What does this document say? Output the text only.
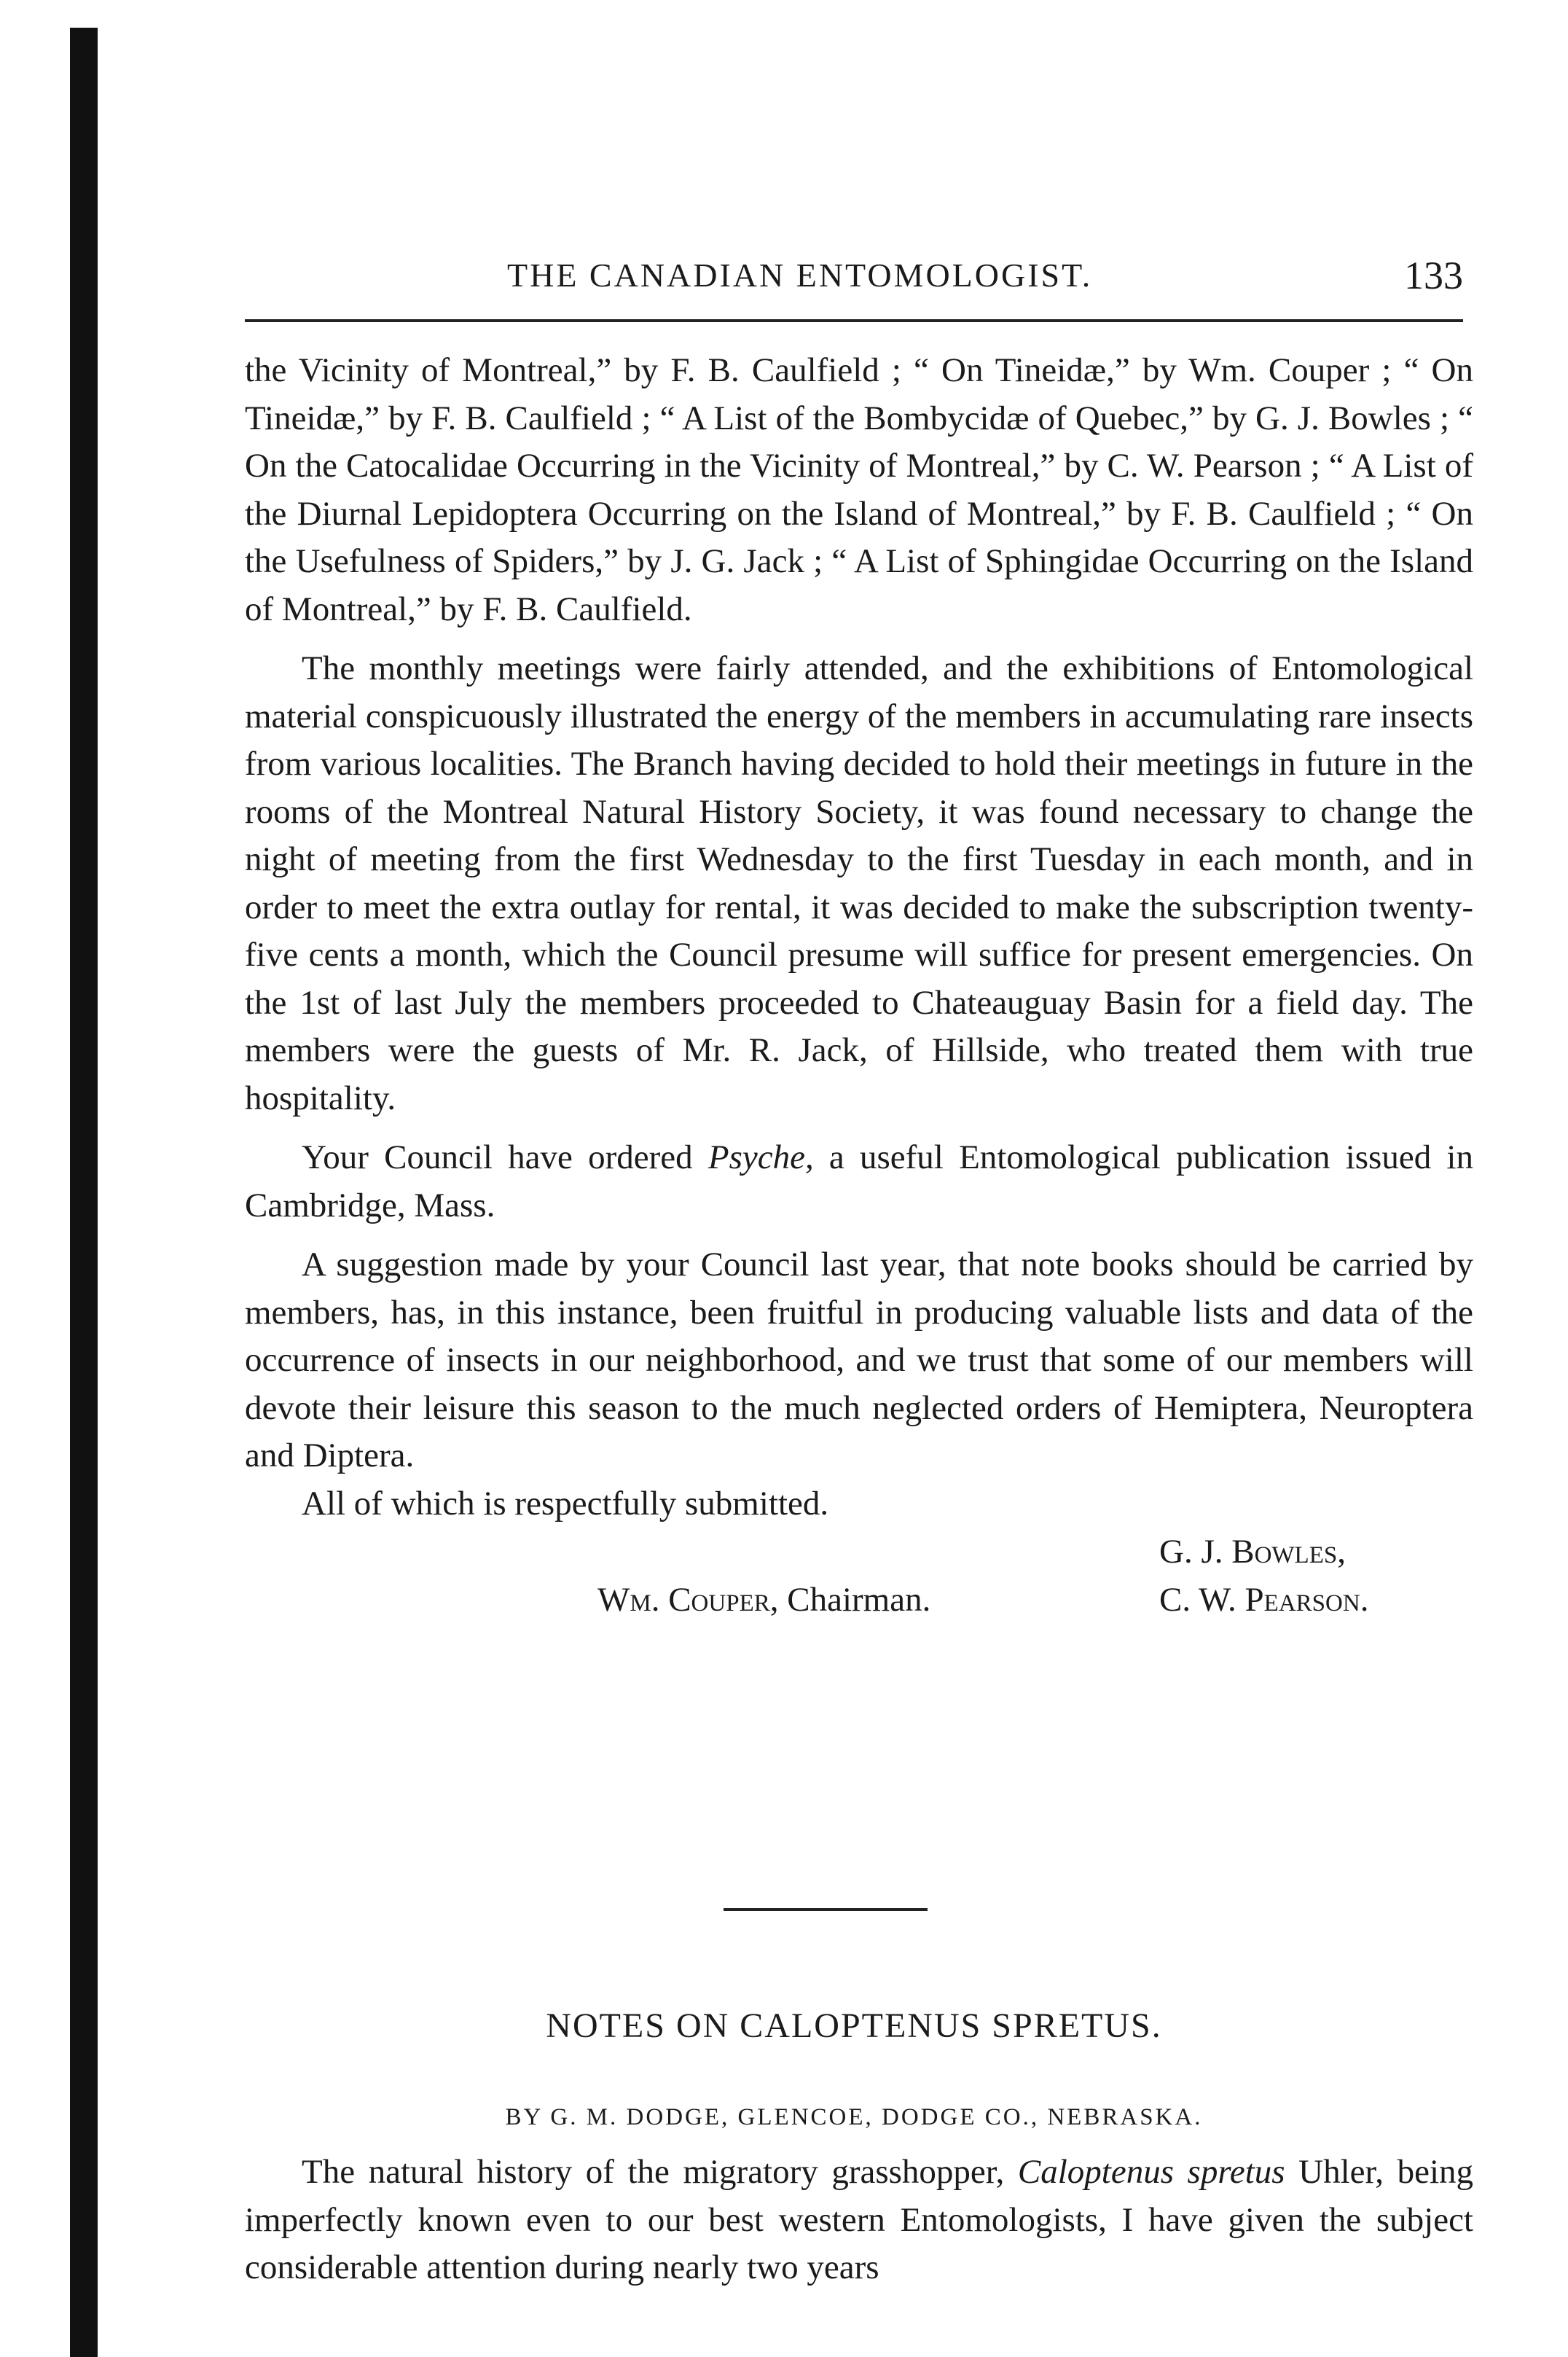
THE CANADIAN ENTOMOLOGIST.	133

the Vicinity of Montreal,” by F. B. Caulfield ; “ On Tineidæ,” by Wm. Couper ; “ On Tineidæ,” by F. B. Caulfield ; “ A List of the Bombycidæ of Quebec,” by G. J. Bowles ; “ On the Catocalidae Occurring in the Vicinity of Montreal,” by C. W. Pearson ; “ A List of the Diurnal Lepidoptera Occurring on the Island of Montreal,” by F. B. Caulfield ; “ On the Usefulness of Spiders,” by J. G. Jack ; “ A List of Sphingidae Occurring on the Island of Montreal,” by F. B. Caulfield.

The monthly meetings were fairly attended, and the exhibitions of Entomological material conspicuously illustrated the energy of the members in accumulating rare insects from various localities. The Branch having decided to hold their meetings in future in the rooms of the Montreal Natural History Society, it was found necessary to change the night of meeting from the first Wednesday to the first Tuesday in each month, and in order to meet the extra outlay for rental, it was decided to make the subscription twenty-five cents a month, which the Council presume will suffice for present emergencies. On the 1st of last July the members proceeded to Chateauguay Basin for a field day. The members were the guests of Mr. R. Jack, of Hillside, who treated them with true hospitality.

Your Council have ordered Psyche, a useful Entomological publication issued in Cambridge, Mass.

A suggestion made by your Council last year, that note books should be carried by members, has, in this instance, been fruitful in producing valuable lists and data of the occurrence of insects in our neighborhood, and we trust that some of our members will devote their leisure this season to the much neglected orders of Hemiptera, Neuroptera and Diptera.

All of which is respectfully submitted.

G. J. Bowles,
C. W. Pearson.
Wm. Couper, Chairman.
NOTES ON CALOPTENUS SPRETUS.
BY G. M. DODGE, GLENCOE, DODGE CO., NEBRASKA.

The natural history of the migratory grasshopper, Caloptenus spretus Uhler, being imperfectly known even to our best western Entomologists, I have given the subject considerable attention during nearly two years
